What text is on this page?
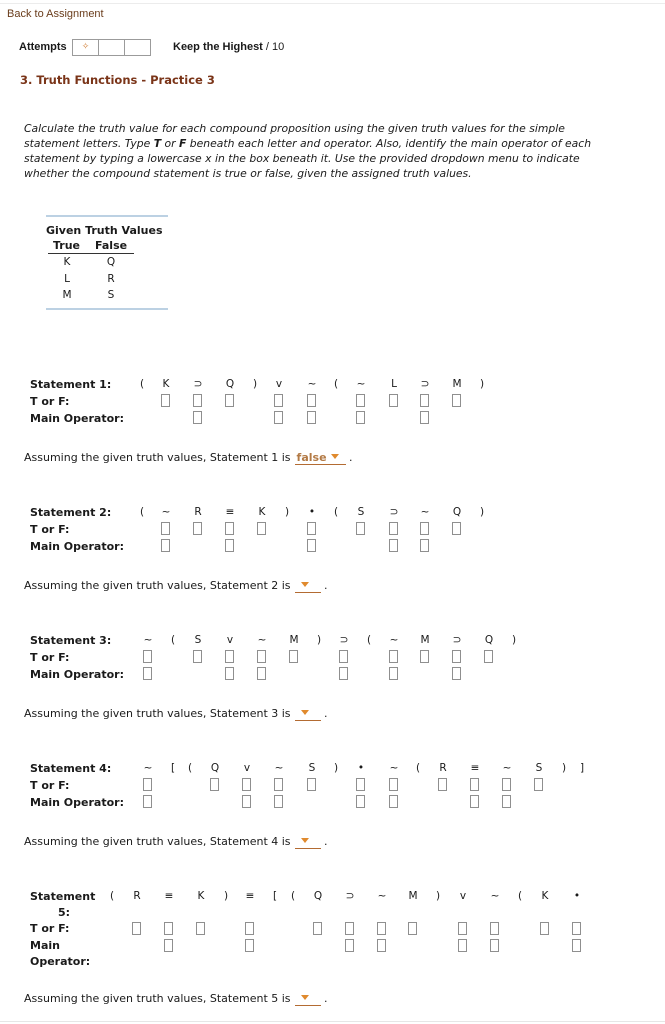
Back to Assignment
Attempts	✧	Keep the Highest / 10
3. Truth Functions - Practice 3
Calculate the truth value for each compound proposition using the given truth values for the simple statement letters. Type T or F beneath each letter and operator. Also, identify the main operator of each statement by typing a lowercase x in the box beneath it. Use the provided dropdown menu to indicate whether the compound statement is true or false, given the assigned truth values.
Given Truth Values
True False
K	Q
L	R
M	S
Statement 1:
T or F:
Main Operator:
(	K	⊃	Q	)	v	~	(	~	L	⊃	M	)
Assuming the given truth values, Statement 1 is false .
Statement 2:
T or F:
Main Operator:
(	~	R	≡	K	)	•	(	S	⊃	~	Q	)
Assuming the given truth values, Statement 2 is	.
Statement 3:
T or F:
Main Operator:
~	(	S	v	~	M	)	⊃	(	~	M	⊃	Q	)
Assuming the given truth values, Statement 3 is	.
Statement 4:
T or F:
Main Operator:
~	[	(	Q	v	~	S	)	•	~	(	R	≡	~	S	)	]
Assuming the given truth values, Statement 4 is	.
Statement
5:
T or F:
Main
Operator:
(	R	≡	K	)	≡	[	(	Q	⊃	~	M	)	v	~	(	K	•
Assuming the given truth values, Statement 5 is	.
